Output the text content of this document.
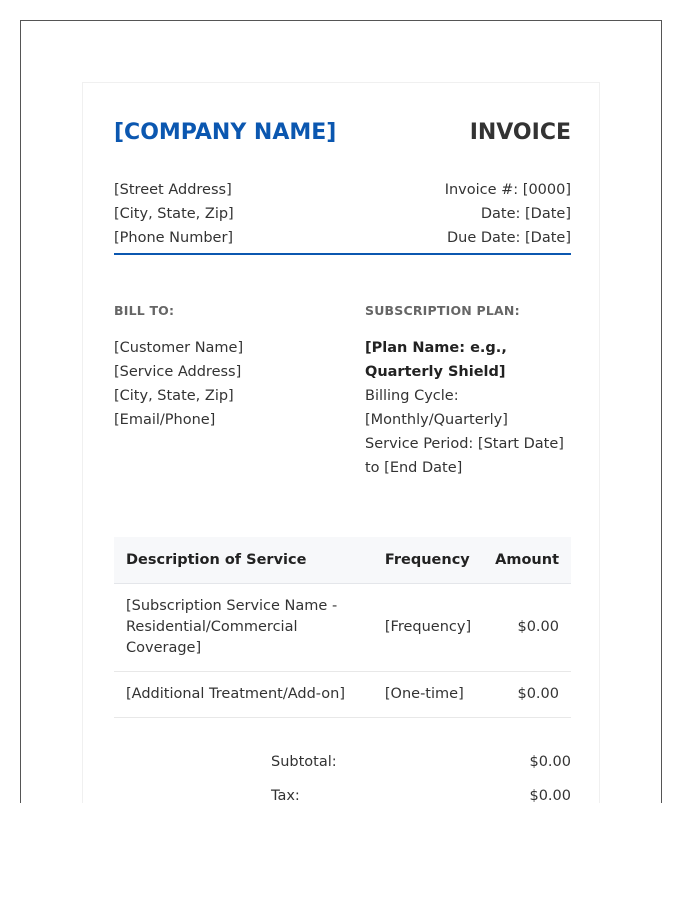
[COMPANY NAME]	INVOICE
[Street Address]
[City, State, Zip]
[Phone Number]
Invoice #: [0000]
Date: [Date]
Due Date: [Date]
BILL TO:
[Customer Name]
[Service Address]
[City, State, Zip]
[Email/Phone]
SUBSCRIPTION PLAN:
[Plan Name: e.g., Quarterly Shield]
Billing Cycle: [Monthly/Quarterly]
Service Period: [Start Date] to [End Date]
Description of Service	Frequency	Amount
[Subscription Service Name - Residential/Commercial Coverage]	[Frequency]	$0.00
[Additional Treatment/Add-on]	[One-time]	$0.00
Subtotal:	$0.00
Tax:	$0.00
